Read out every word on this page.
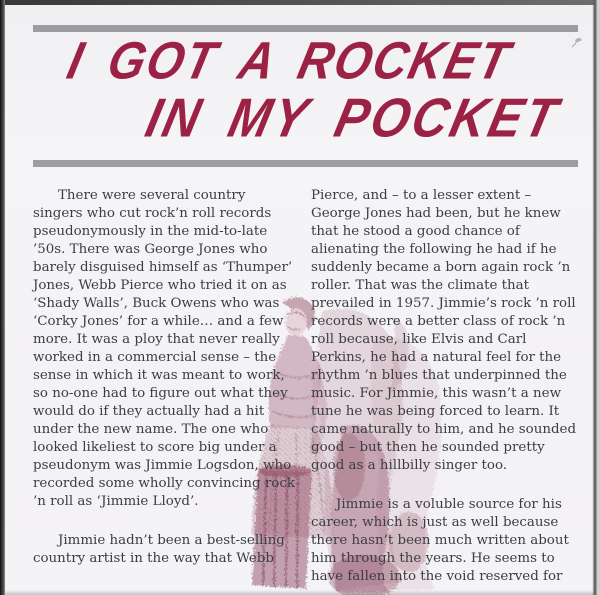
I GOT A ROCKET
IN MY POCKET

There were several country singers who cut rock’n roll records pseudonymously in the mid-to-late ’50s. There was George Jones who barely disguised himself as ‘Thumper’ Jones, Webb Pierce who tried it on as ‘Shady Walls’, Buck Owens who was ‘Corky Jones’ for a while… and a few more. It was a ploy that never really worked in a commercial sense – the sense in which it was meant to work, so no-one had to figure out what they would do if they actually had a hit under the new name. The one who looked likeliest to score big under a pseudonym was Jimmie Logsdon, who recorded some wholly convincing rock ’n roll as ‘Jimmie Lloyd’.

Jimmie hadn’t been a best-selling country artist in the way that Webb

Pierce, and – to a lesser extent – George Jones had been, but he knew that he stood a good chance of alienating the following he had if he suddenly became a born again rock ’n roller. That was the climate that prevailed in 1957. Jimmie’s rock ’n roll records were a better class of rock ’n roll because, like Elvis and Carl Perkins, he had a natural feel for the rhythm ’n blues that underpinned the music. For Jimmie, this wasn’t a new tune he was being forced to learn. It came naturally to him, and he sounded good – but then he sounded pretty good as a hillbilly singer too.

Jimmie is a voluble source for his career, which is just as well because there hasn’t been much written about him through the years. He seems to have fallen into the void reserved for
